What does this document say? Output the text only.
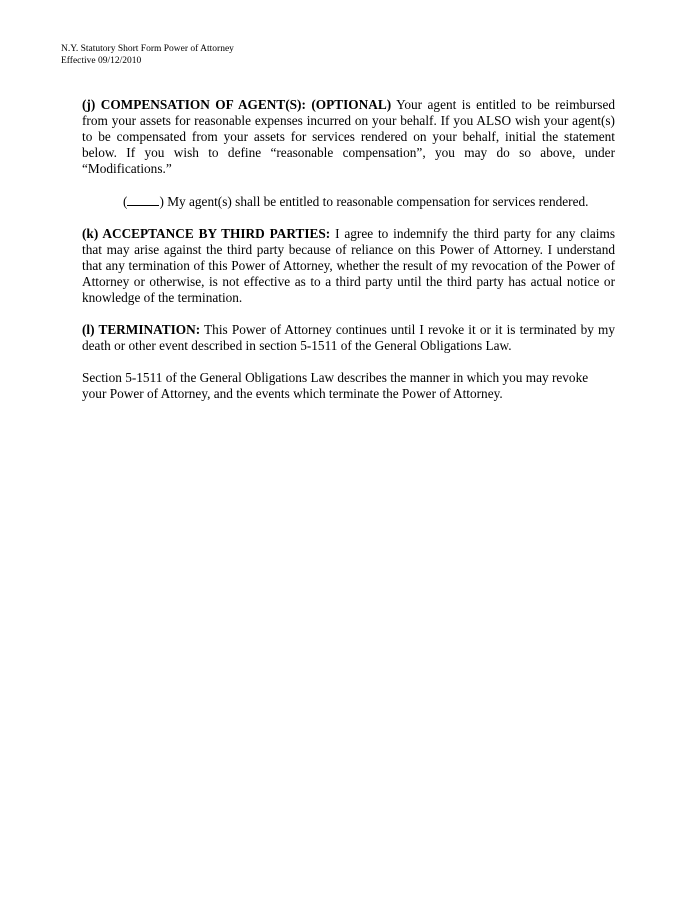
N.Y. Statutory Short Form Power of Attorney
Effective 09/12/2010

(j) COMPENSATION OF AGENT(S): (OPTIONAL) Your agent is entitled to be reimbursed from your assets for reasonable expenses incurred on your behalf. If you ALSO wish your agent(s) to be compensated from your assets for services rendered on your behalf, initial the statement below. If you wish to define “reasonable compensation”, you may do so above, under “Modifications.”

( ) My agent(s) shall be entitled to reasonable compensation for services rendered.

(k) ACCEPTANCE BY THIRD PARTIES: I agree to indemnify the third party for any claims that may arise against the third party because of reliance on this Power of Attorney. I understand that any termination of this Power of Attorney, whether the result of my revocation of the Power of Attorney or otherwise, is not effective as to a third party until the third party has actual notice or knowledge of the termination.

(l) TERMINATION: This Power of Attorney continues until I revoke it or it is terminated by my death or other event described in section 5-1511 of the General Obligations Law.

Section 5-1511 of the General Obligations Law describes the manner in which you may revoke your Power of Attorney, and the events which terminate the Power of Attorney.
